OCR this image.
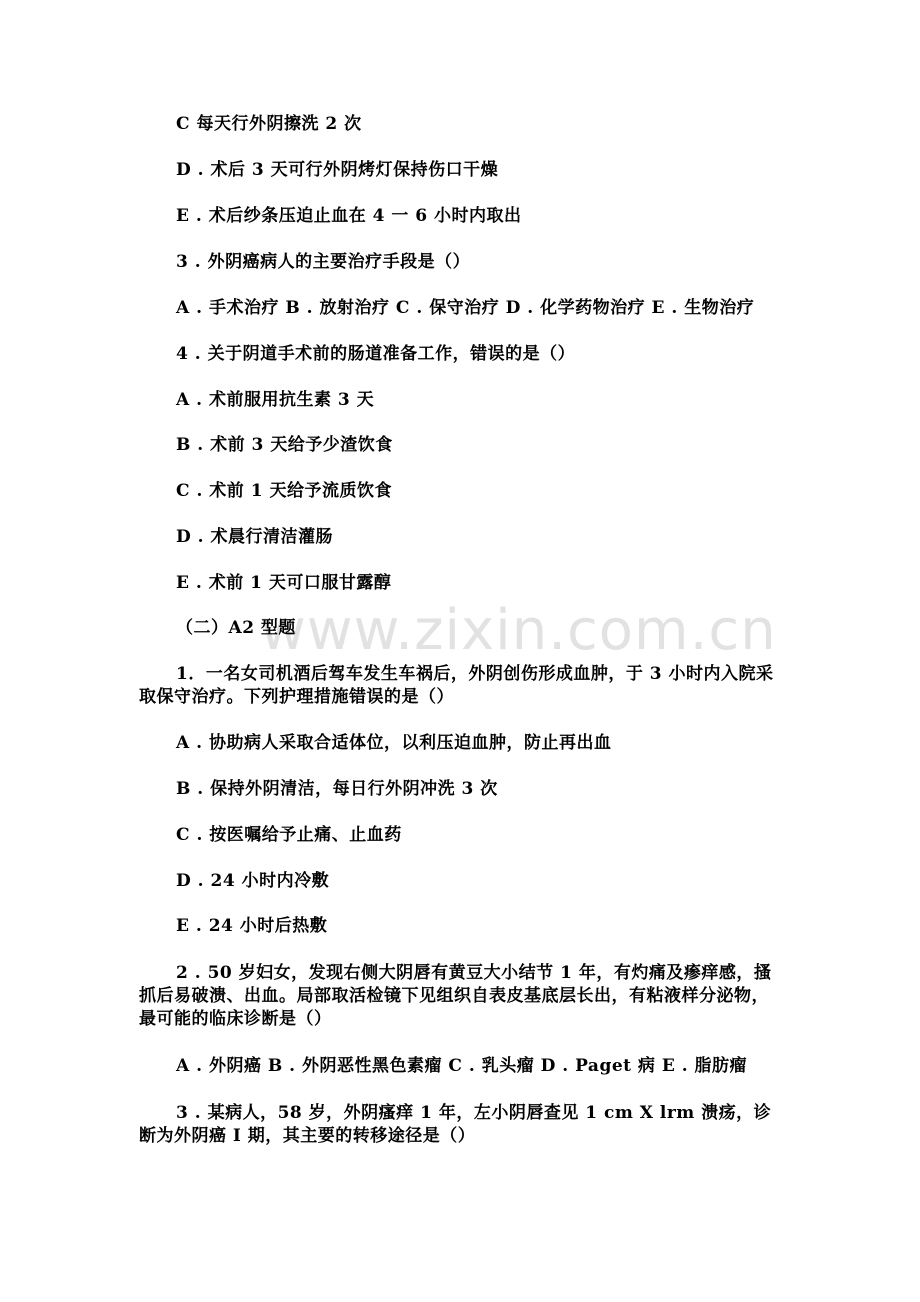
www.zixin.com.cn
C 每天行外阴擦洗 2 次
D . 术后 3 天可行外阴烤灯保持伤口干燥
E . 术后纱条压迫止血在 4 一 6 小时内取出
3 . 外阴癌病人的主要治疗手段是（）
A . 手术治疗 B . 放射治疗 C . 保守治疗 D . 化学药物治疗 E . 生物治疗
4 . 关于阴道手术前的肠道准备工作，错误的是（）
A . 术前服用抗生素 3 天
B . 术前 3 天给予少渣饮食
C . 术前 1 天给予流质饮食
D . 术晨行清洁灌肠
E . 术前 1 天可口服甘露醇
（二）A2 型题
1．一名女司机酒后驾车发生车祸后，外阴创伤形成血肿，于 3 小时内入院采取保守治疗。下列护理措施错误的是（）
A . 协助病人采取合适体位，以利压迫血肿，防止再出血
B . 保持外阴清洁，每日行外阴冲洗 3 次
C . 按医嘱给予止痛、止血药
D . 24 小时内冷敷
E . 24 小时后热敷
2 . 50 岁妇女，发现右侧大阴唇有黄豆大小结节 1 年，有灼痛及瘆痒感，搔抓后易破溃、出血。局部取活检镜下见组织自表皮基底层长出，有粘液样分泌物，最可能的临床诊断是（）
A . 外阴癌 B . 外阴恶性黑色素瘤 C . 乳头瘤 D . Paget 病 E . 脂肪瘤
3 . 某病人，58 岁，外阴瘙痒 1 年，左小阴唇查见 1 cm X lrm 溃疡，诊断为外阴癌 I 期，其主要的转移途径是（）
